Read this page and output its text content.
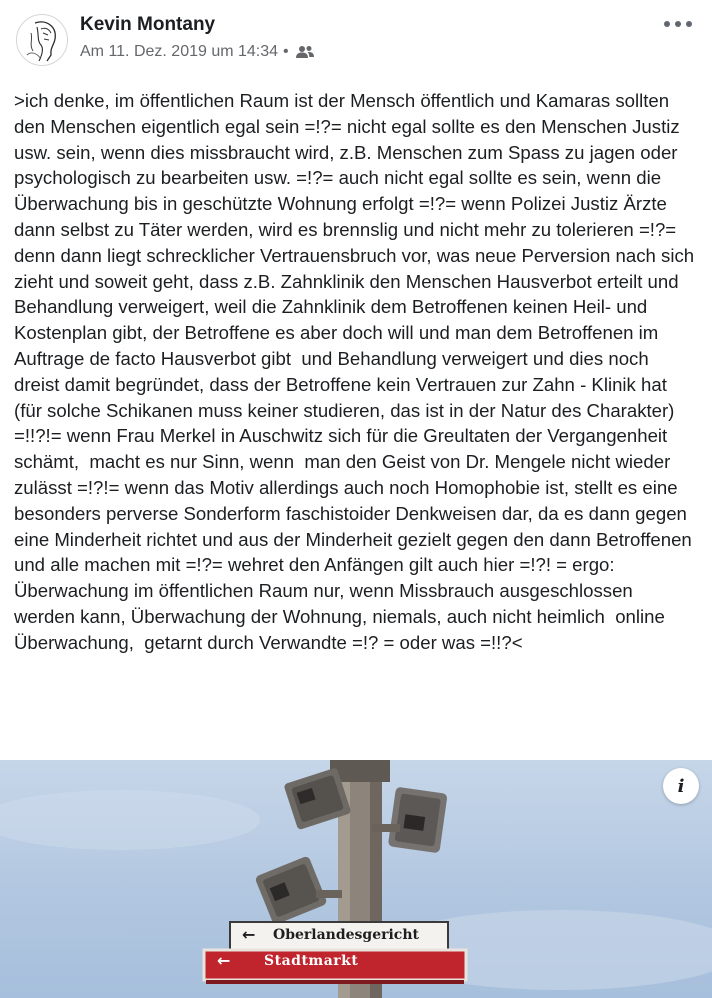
Kevin Montany
Am 11. Dez. 2019 um 14:34 •
>ich denke, im öffentlichen Raum ist der Mensch öffentlich und Kamaras sollten den Menschen eigentlich egal sein =!?= nicht egal sollte es den Menschen Justiz usw. sein, wenn dies missbraucht wird, z.B. Menschen zum Spass zu jagen oder psychologisch zu bearbeiten usw. =!?= auch nicht egal sollte es sein, wenn die Überwachung bis in geschützte Wohnung erfolgt =!?= wenn Polizei Justiz Ärzte dann selbst zu Täter werden, wird es brennslig und nicht mehr zu tolerieren =!?= denn dann liegt schrecklicher Vertrauensbruch vor, was neue Perversion nach sich zieht und soweit geht, dass z.B. Zahnklinik den Menschen Hausverbot erteilt und Behandlung verweigert, weil die Zahnklinik dem Betroffenen keinen Heil- und Kostenplan gibt, der Betroffene es aber doch will und man dem Betroffenen im Auftrage de facto Hausverbot gibt  und Behandlung verweigert und dies noch dreist damit begründet, dass der Betroffene kein Vertrauen zur Zahn - Klinik hat (für solche Schikanen muss keiner studieren, das ist in der Natur des Charakter) =!!?!= wenn Frau Merkel in Auschwitz sich für die Greultaten der Vergangenheit schämt,  macht es nur Sinn, wenn  man den Geist von Dr. Mengele nicht wieder zulässt =!?!= wenn das Motiv allerdings auch noch Homophobie ist, stellt es eine besonders perverse Sonderform faschistoider Denkweisen dar, da es dann gegen eine Minderheit richtet und aus der Minderheit gezielt gegen den dann Betroffenen und alle machen mit =!?= wehret den Anfängen gilt auch hier =!?! = ergo: Überwachung im öffentlichen Raum nur, wenn Missbrauch ausgeschlossen werden kann, Überwachung der Wohnung, niemals, auch nicht heimlich  online Überwachung,  getarnt durch Verwandte =!? = oder was =!!?<
i
← Oberlandesgericht
← Stadtmarkt
